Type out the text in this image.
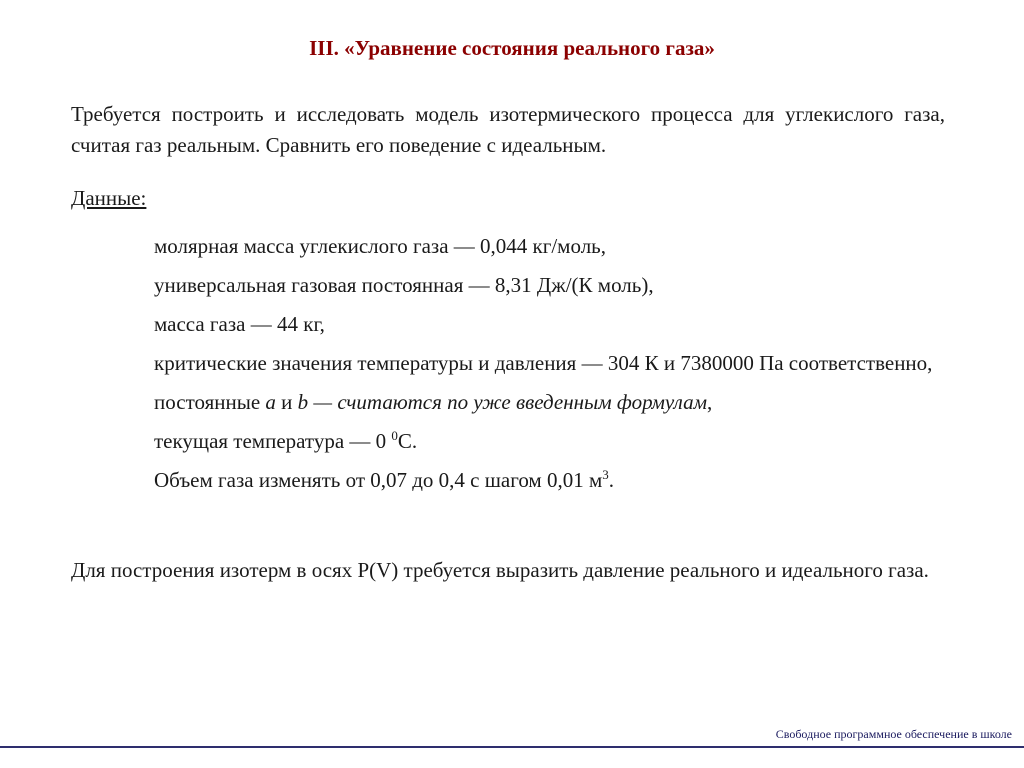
III. «Уравнение состояния реального газа»
Требуется построить и исследовать модель изотермического процесса для углекислого газа, считая газ реальным. Сравнить его поведение с идеальным.
Данные:
молярная масса углекислого газа — 0,044 кг/моль,
универсальная газовая постоянная — 8,31 Дж/(К моль),
масса газа — 44 кг,
критические значения температуры и давления — 304 К и 7380000 Па соответственно,
постоянные a и b — считаются по уже введенным формулам,
текущая температура — 0 $^0$С.
Объем газа изменять от 0,07 до 0,4 с шагом 0,01 $м^3$.
Для построения изотерм в осях P(V) требуется выразить давление реального и идеального газа.
Свободное программное обеспечение в школе
